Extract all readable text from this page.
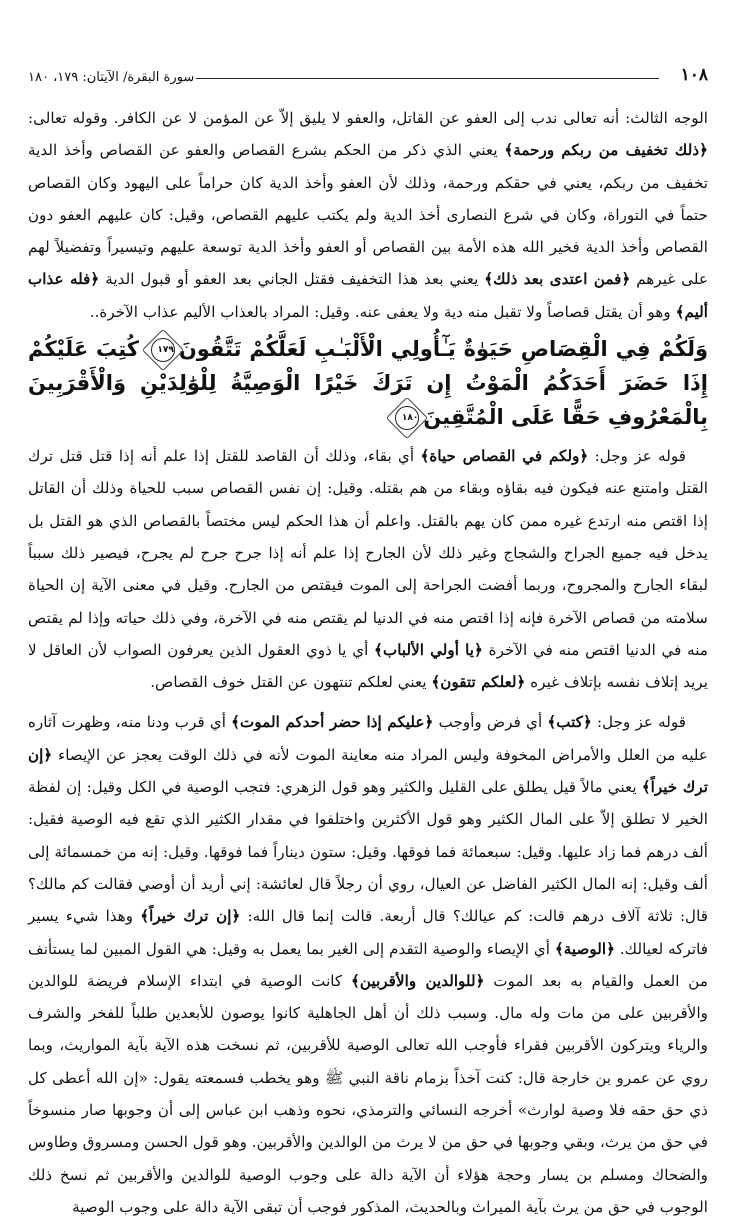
١٠٨
سورة البقرة/ الآيتان: ١٧٩، ١٨٠

الوجه الثالث: أنه تعالى ندب إلى العفو عن القاتل، والعفو لا يليق إلاّ عن المؤمن لا عن الكافر. وقوله تعالى: ﴿ذلك تخفيف من ربكم ورحمة﴾ يعني الذي ذكر من الحكم بشرع القصاص والعفو عن القصاص وأخذ الدية تخفيف من ربكم، يعني في حقكم ورحمة، وذلك لأن العفو وأخذ الدية كان حراماً على اليهود وكان القصاص حتماً في التوراة، وكان في شرع النصارى أخذ الدية ولم يكتب عليهم القصاص، وقيل: كان عليهم العفو دون القصاص وأخذ الدية فخير الله هذه الأمة بين القصاص أو العفو وأخذ الدية توسعة عليهم وتيسيراً وتفضيلاً لهم على غيرهم ﴿فمن اعتدى بعد ذلك﴾ يعني بعد هذا التخفيف فقتل الجاني بعد العفو أو قبول الدية ﴿فله عذاب أليم﴾ وهو أن يقتل قصاصاً ولا تقبل منه دية ولا يعفى عنه. وقيل: المراد بالعذاب الأليم عذاب الآخرة..

وَلَكُمْ فِي الْقِصَاصِ حَيَوٰةٌ يَـٰٓأُولِي الْأَلْبَـٰبِ لَعَلَّكُمْ تَتَّقُونَ١٧٩ كُتِبَ عَلَيْكُمْ إِذَا حَضَرَ أَحَدَكُمُ الْمَوْتُ إِن تَرَكَ خَيْرًا الْوَصِيَّةُ لِلْوَٰلِدَيْنِ وَالْأَقْرَبِينَ بِالْمَعْرُوفِ حَقًّا عَلَى الْمُتَّقِينَ١٨٠

قوله عز وجل: ﴿ولكم في القصاص حياة﴾ أي بقاء، وذلك أن القاصد للقتل إذا علم أنه إذا قتل قتل ترك القتل وامتنع عنه فيكون فيه بقاؤه وبقاء من هم بقتله. وقيل: إن نفس القصاص سبب للحياة وذلك أن القاتل إذا اقتص منه ارتدع غيره ممن كان يهم بالقتل. واعلم أن هذا الحكم ليس مختصاً بالقصاص الذي هو القتل بل يدخل فيه جميع الجراح والشجاج وغير ذلك لأن الجارح إذا علم أنه إذا جرح جرح لم يجرح، فيصير ذلك سبباً لبقاء الجارح والمجروح، وربما أفضت الجراحة إلى الموت فيقتص من الجارح. وقيل في معنى الآية إن الحياة سلامته من قصاص الآخرة فإنه إذا اقتص منه في الدنيا لم يقتص منه في الآخرة، وفي ذلك حياته وإذا لم يقتص منه في الدنيا اقتص منه في الآخرة ﴿يا أولي الألباب﴾ أي يا ذوي العقول الذين يعرفون الصواب لأن العاقل لا يريد إتلاف نفسه بإتلاف غيره ﴿لعلكم تتقون﴾ يعني لعلكم تنتهون عن القتل خوف القصاص.

قوله عز وجل: ﴿كتب﴾ أي فرض وأوجب ﴿عليكم إذا حضر أحدكم الموت﴾ أي قرب ودنا منه، وظهرت آثاره عليه من العلل والأمراض المخوفة وليس المراد منه معاينة الموت لأنه في ذلك الوقت يعجز عن الإيصاء ﴿إن ترك خيراً﴾ يعني مالاً قيل يطلق على القليل والكثير وهو قول الزهري: فتجب الوصية في الكل وقيل: إن لفظة الخير لا تطلق إلاّ على المال الكثير وهو قول الأكثرين واختلفوا في مقدار الكثير الذي تقع فيه الوصية فقيل: ألف درهم فما زاد عليها. وقيل: سبعمائة فما فوقها. وقيل: ستون ديناراً فما فوقها. وقيل: إنه من خمسمائة إلى ألف وقيل: إنه المال الكثير الفاضل عن العيال، روي أن رجلاً قال لعائشة: إني أريد أن أوصي فقالت كم مالك؟ قال: ثلاثة آلاف درهم قالت: كم عيالك؟ قال أربعة. قالت إنما قال الله: ﴿إن ترك خيراً﴾ وهذا شيء يسير فاتركه لعيالك. ﴿الوصية﴾ أي الإيصاء والوصية التقدم إلى الغير بما يعمل به وقيل: هي القول المبين لما يستأنف من العمل والقيام به بعد الموت ﴿للوالدين والأقربين﴾ كانت الوصية في ابتداء الإسلام فريضة للوالدين والأقربين على من مات وله مال. وسبب ذلك أن أهل الجاهلية كانوا يوصون للأبعدين طلباً للفخر والشرف والرياء ويتركون الأقربين فقراء فأوجب الله تعالى الوصية للأقربين، ثم نسخت هذه الآية بآية المواريث، وبما روي عن عمرو بن خارجة قال: كنت آخذاً بزمام ناقة النبي ﷺ وهو يخطب فسمعته يقول: «إن الله أعطى كل ذي حق حقه فلا وصية لوارث» أخرجه النسائي والترمذي، نحوه وذهب ابن عباس إلى أن وجوبها صار منسوخاً في حق من يرث، وبقي وجوبها في حق من لا يرث من الوالدين والأقربين. وهو قول الحسن ومسروق وطاوس والضحاك ومسلم بن يسار وحجة هؤلاء أن الآية دالة على وجوب الوصية للوالدين والأقربين ثم نسخ ذلك الوجوب في حق من يرث بآية الميراث وبالحديث، المذكور فوجب أن تبقى الآية دالة على وجوب الوصية
